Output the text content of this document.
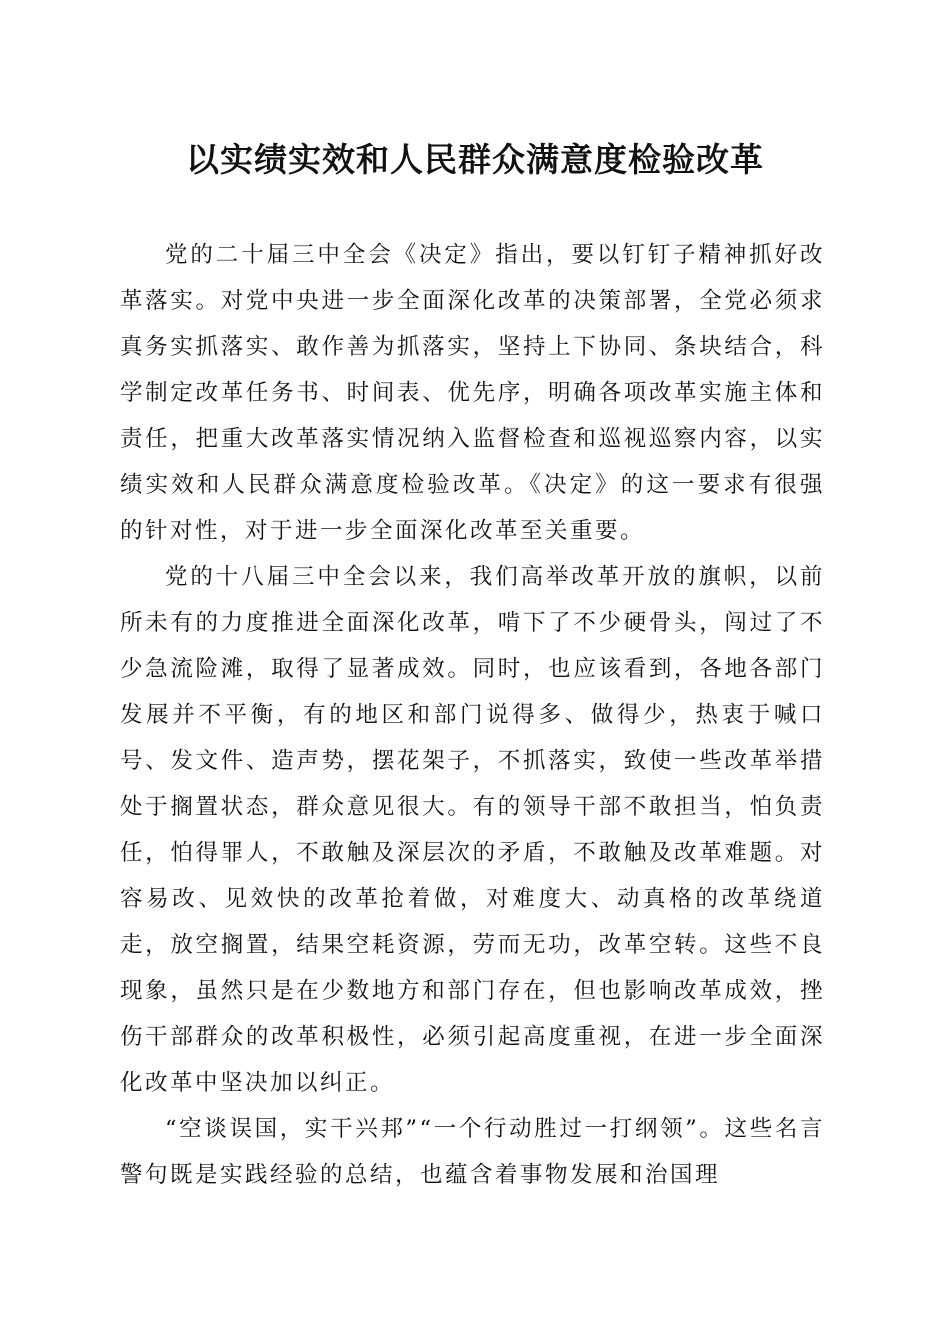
以实绩实效和人民群众满意度检验改革

党的二十届三中全会《决定》指出，要以钉钉子精神抓好改革落实。对党中央进一步全面深化改革的决策部署，全党必须求真务实抓落实、敢作善为抓落实，坚持上下协同、条块结合，科学制定改革任务书、时间表、优先序，明确各项改革实施主体和责任，把重大改革落实情况纳入监督检查和巡视巡察内容，以实绩实效和人民群众满意度检验改革。《决定》的这一要求有很强的针对性，对于进一步全面深化改革至关重要。

党的十八届三中全会以来，我们高举改革开放的旗帜，以前所未有的力度推进全面深化改革，啃下了不少硬骨头，闯过了不少急流险滩，取得了显著成效。同时，也应该看到，各地各部门发展并不平衡，有的地区和部门说得多、做得少，热衷于喊口号、发文件、造声势，摆花架子，不抓落实，致使一些改革举措处于搁置状态，群众意见很大。有的领导干部不敢担当，怕负责任，怕得罪人，不敢触及深层次的矛盾，不敢触及改革难题。对容易改、见效快的改革抢着做，对难度大、动真格的改革绕道走，放空搁置，结果空耗资源，劳而无功，改革空转。这些不良现象，虽然只是在少数地方和部门存在，但也影响改革成效，挫伤干部群众的改革积极性，必须引起高度重视，在进一步全面深化改革中坚决加以纠正。

“空谈误国，实干兴邦”“一个行动胜过一打纲领”。这些名言警句既是实践经验的总结，也蕴含着事物发展和治国理
